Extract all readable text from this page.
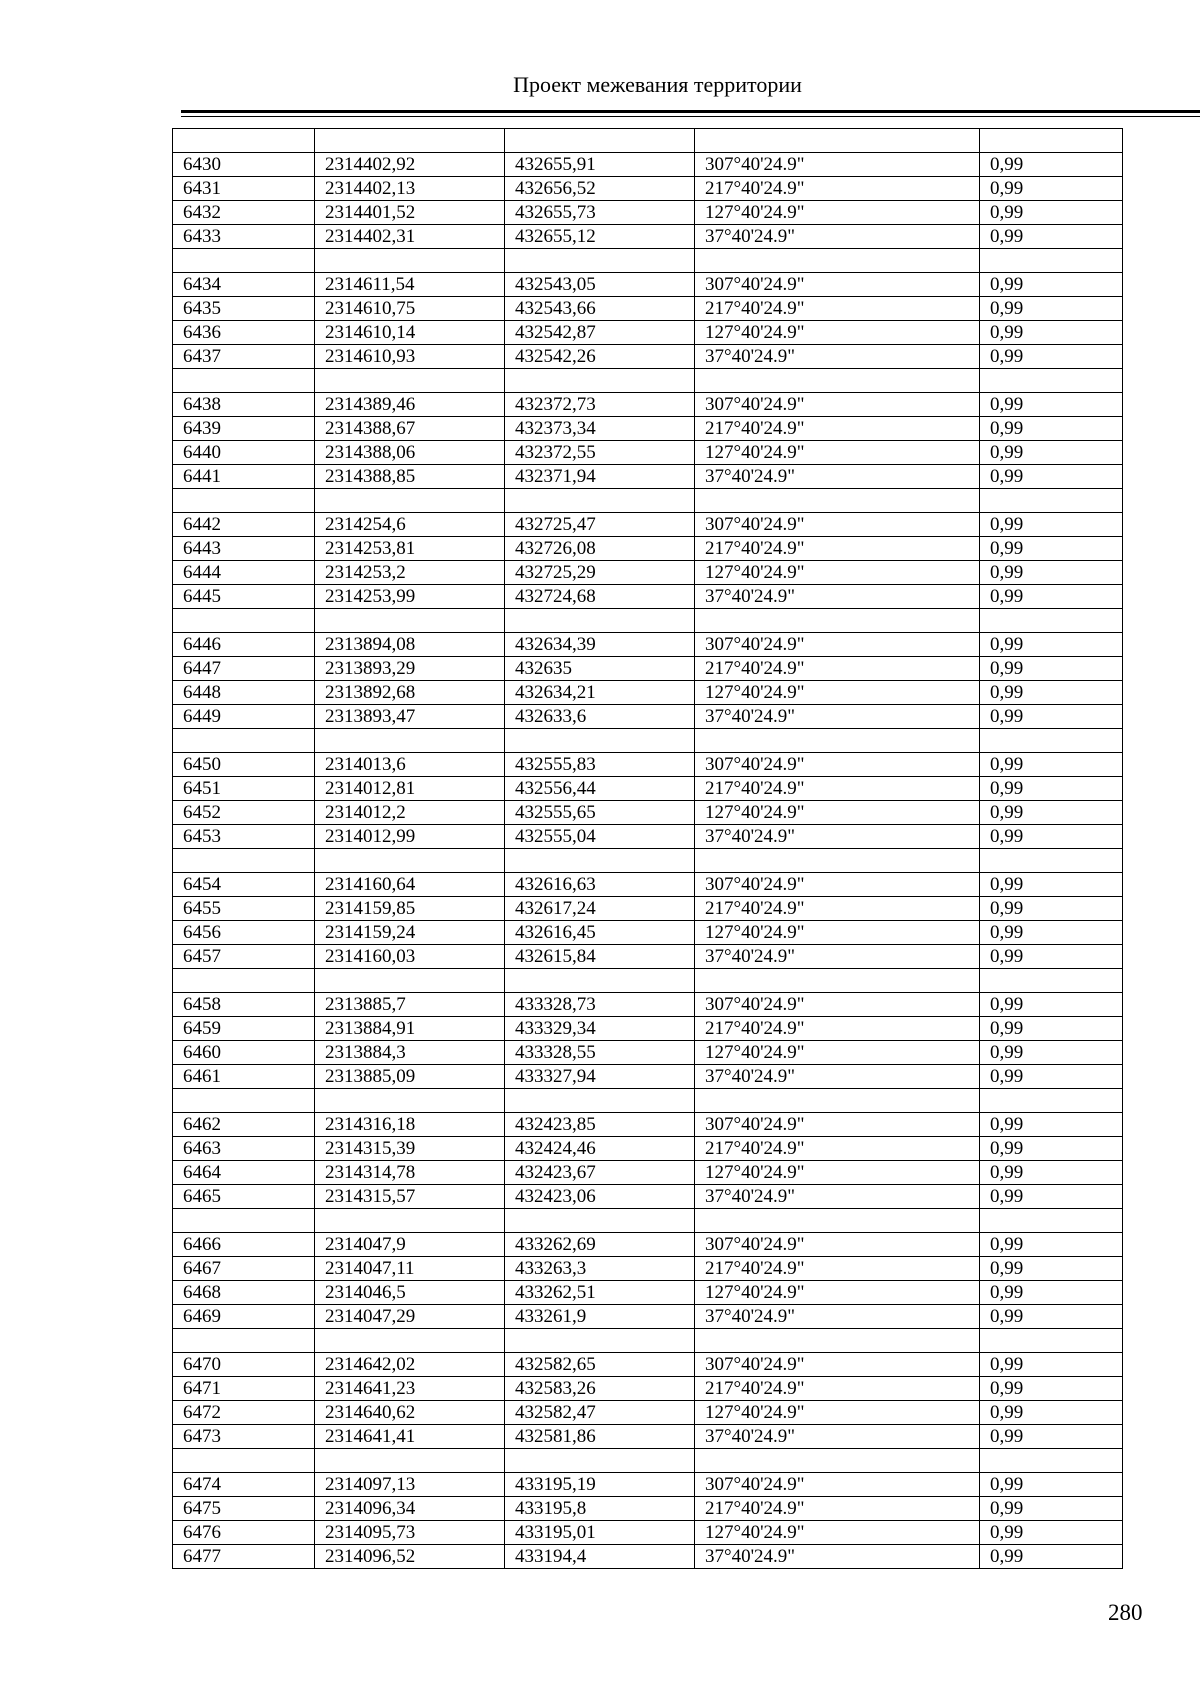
Проект межевания территории

6430	2314402,92	432655,91	307°40'24.9"	0,99
6431	2314402,13	432656,52	217°40'24.9"	0,99
6432	2314401,52	432655,73	127°40'24.9"	0,99
6433	2314402,31	432655,12	37°40'24.9"	0,99

6434	2314611,54	432543,05	307°40'24.9"	0,99
6435	2314610,75	432543,66	217°40'24.9"	0,99
6436	2314610,14	432542,87	127°40'24.9"	0,99
6437	2314610,93	432542,26	37°40'24.9"	0,99

6438	2314389,46	432372,73	307°40'24.9"	0,99
6439	2314388,67	432373,34	217°40'24.9"	0,99
6440	2314388,06	432372,55	127°40'24.9"	0,99
6441	2314388,85	432371,94	37°40'24.9"	0,99

6442	2314254,6	432725,47	307°40'24.9"	0,99
6443	2314253,81	432726,08	217°40'24.9"	0,99
6444	2314253,2	432725,29	127°40'24.9"	0,99
6445	2314253,99	432724,68	37°40'24.9"	0,99

6446	2313894,08	432634,39	307°40'24.9"	0,99
6447	2313893,29	432635	217°40'24.9"	0,99
6448	2313892,68	432634,21	127°40'24.9"	0,99
6449	2313893,47	432633,6	37°40'24.9"	0,99

6450	2314013,6	432555,83	307°40'24.9"	0,99
6451	2314012,81	432556,44	217°40'24.9"	0,99
6452	2314012,2	432555,65	127°40'24.9"	0,99
6453	2314012,99	432555,04	37°40'24.9"	0,99

6454	2314160,64	432616,63	307°40'24.9"	0,99
6455	2314159,85	432617,24	217°40'24.9"	0,99
6456	2314159,24	432616,45	127°40'24.9"	0,99
6457	2314160,03	432615,84	37°40'24.9"	0,99

6458	2313885,7	433328,73	307°40'24.9"	0,99
6459	2313884,91	433329,34	217°40'24.9"	0,99
6460	2313884,3	433328,55	127°40'24.9"	0,99
6461	2313885,09	433327,94	37°40'24.9"	0,99

6462	2314316,18	432423,85	307°40'24.9"	0,99
6463	2314315,39	432424,46	217°40'24.9"	0,99
6464	2314314,78	432423,67	127°40'24.9"	0,99
6465	2314315,57	432423,06	37°40'24.9"	0,99

6466	2314047,9	433262,69	307°40'24.9"	0,99
6467	2314047,11	433263,3	217°40'24.9"	0,99
6468	2314046,5	433262,51	127°40'24.9"	0,99
6469	2314047,29	433261,9	37°40'24.9"	0,99

6470	2314642,02	432582,65	307°40'24.9"	0,99
6471	2314641,23	432583,26	217°40'24.9"	0,99
6472	2314640,62	432582,47	127°40'24.9"	0,99
6473	2314641,41	432581,86	37°40'24.9"	0,99

6474	2314097,13	433195,19	307°40'24.9"	0,99
6475	2314096,34	433195,8	217°40'24.9"	0,99
6476	2314095,73	433195,01	127°40'24.9"	0,99
6477	2314096,52	433194,4	37°40'24.9"	0,99
280
